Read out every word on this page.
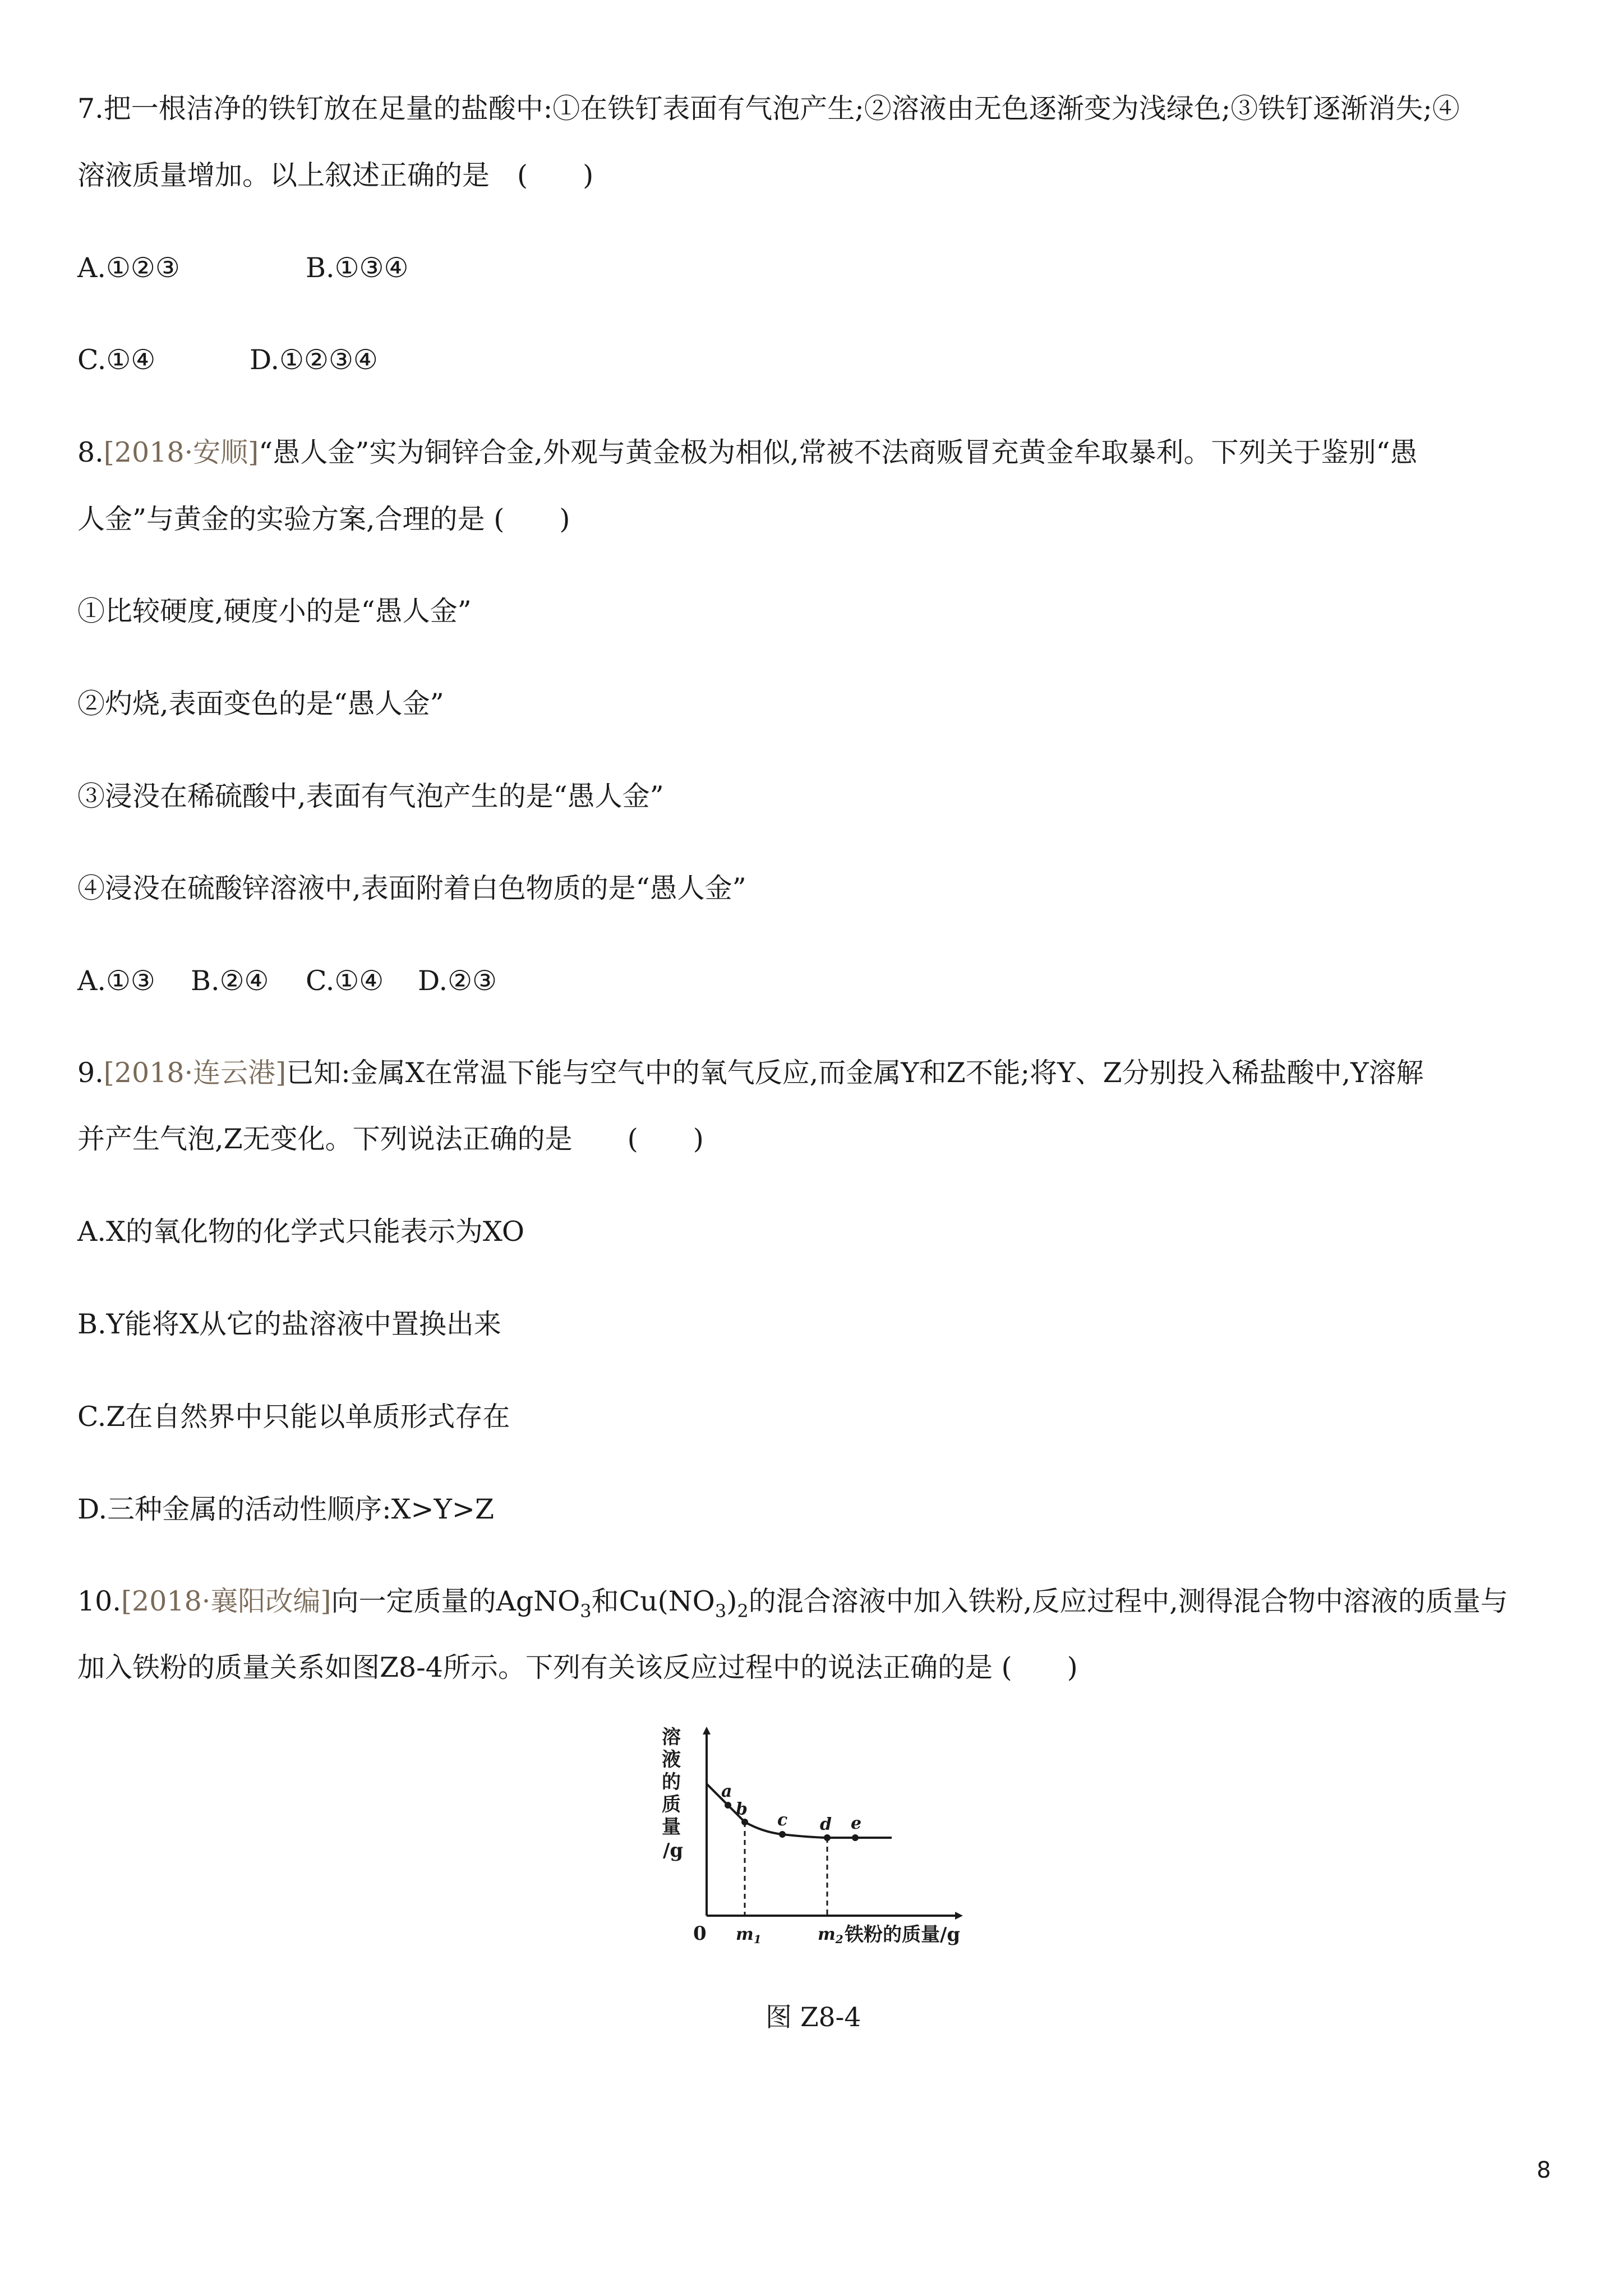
7.把一根洁净的铁钉放在足量的盐酸中:①在铁钉表面有气泡产生;②溶液由无色逐渐变为浅绿色;③铁钉逐渐消失;④
溶液质量增加。以上叙述正确的是　(　　)
A.①②③	B.①③④
C.①④	D.①②③④
8.[2018·安顺]“愚人金”实为铜锌合金,外观与黄金极为相似,常被不法商贩冒充黄金牟取暴利。下列关于鉴别“愚
人金”与黄金的实验方案,合理的是 (　　)
①比较硬度,硬度小的是“愚人金”
②灼烧,表面变色的是“愚人金”
③浸没在稀硫酸中,表面有气泡产生的是“愚人金”
④浸没在硫酸锌溶液中,表面附着白色物质的是“愚人金”
A.①③ B.②④ C.①④ D.②③
9.[2018·连云港]已知:金属X在常温下能与空气中的氧气反应,而金属Y和Z不能;将Y、Z分别投入稀盐酸中,Y溶解
并产生气泡,Z无变化。下列说法正确的是　　(　　)
A.X的氧化物的化学式只能表示为XO
B.Y能将X从它的盐溶液中置换出来
C.Z在自然界中只能以单质形式存在
D.三种金属的活动性顺序:X>Y>Z
10.[2018·襄阳改编]向一定质量的AgNO$_3$和$Cu(NO_3)_2$的混合溶液中加入铁粉,反应过程中,测得混合物中溶液的质量与
加入铁粉的质量关系如图Z8-4所示。下列有关该反应过程中的说法正确的是 (　　)
溶
液
的
质
量
/g
a
b
c d e
0 $m_1$	$m_2$ 铁粉的质量/g
图 Z8-4
8
